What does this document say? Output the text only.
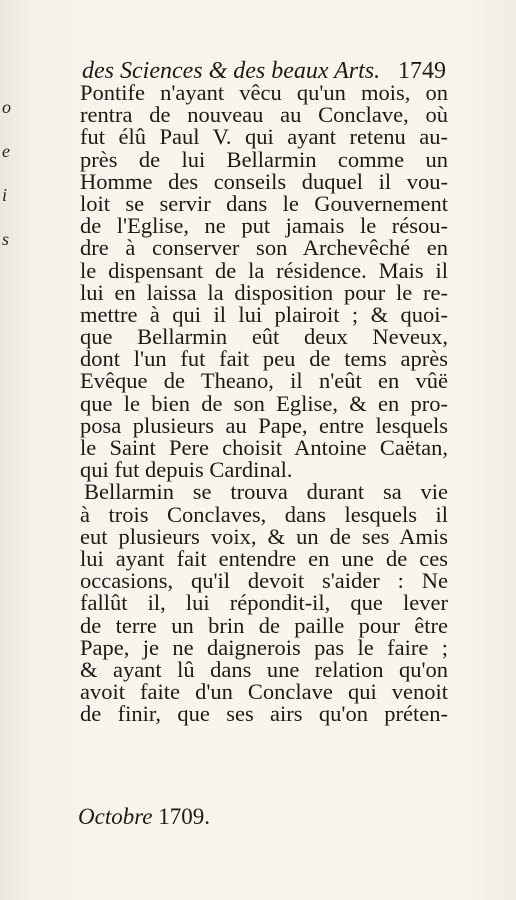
o
e
i
s
des Sciences & des beaux Arts. 1749
Pontife n'ayant vêcu qu'un mois, on
rentra de nouveau au Conclave, où
fut élû Paul V. qui ayant retenu au-
près de lui Bellarmin comme un
Homme des conseils duquel il vou-
loit se servir dans le Gouvernement
de l'Eglise, ne put jamais le résou-
dre à conserver son Archevêché en
le dispensant de la résidence. Mais il
lui en laissa la disposition pour le re-
mettre à qui il lui plairoit ; & quoi-
que Bellarmin eût deux Neveux,
dont l'un fut fait peu de tems après
Evêque de Theano, il n'eût en vûë
que le bien de son Eglise, & en pro-
posa plusieurs au Pape, entre lesquels
le Saint Pere choisit Antoine Caëtan,
qui fut depuis Cardinal.
Bellarmin se trouva durant sa vie
à trois Conclaves, dans lesquels il
eut plusieurs voix, & un de ses Amis
lui ayant fait entendre en une de ces
occasions, qu'il devoit s'aider : Ne
fallût il, lui répondit-il, que lever
de terre un brin de paille pour être
Pape, je ne daignerois pas le faire ;
& ayant lû dans une relation qu'on
avoit faite d'un Conclave qui venoit
de finir, que ses airs qu'on préten-
Octobre 1709.
